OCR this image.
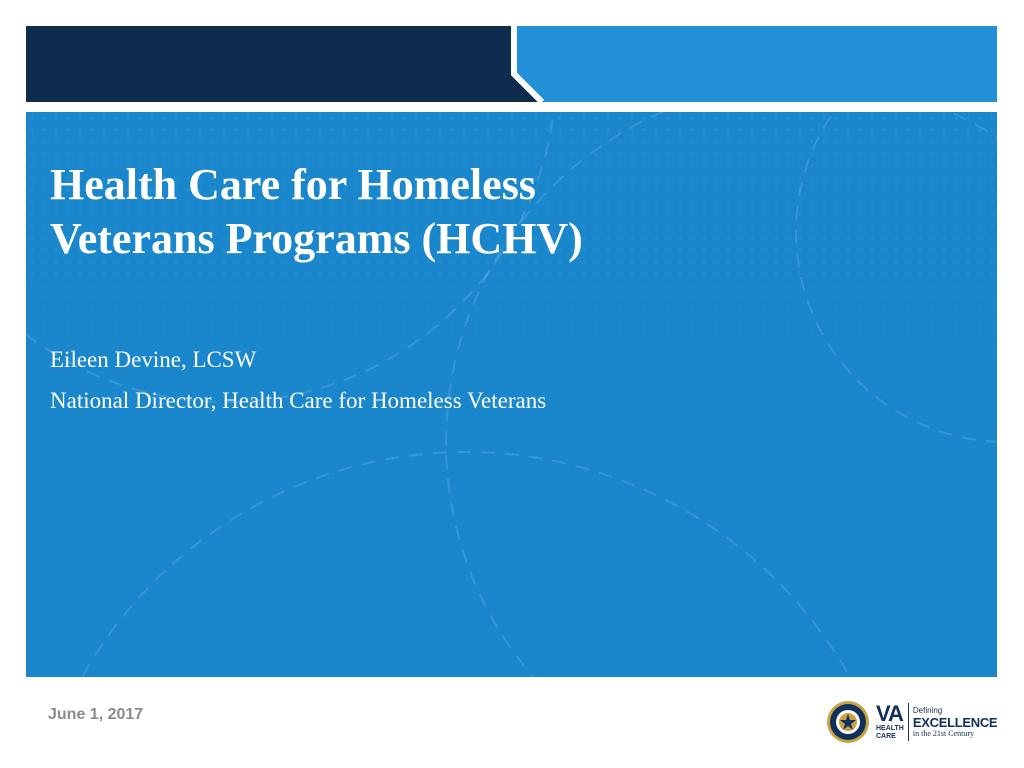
Health Care for Homeless
Veterans Programs (HCHV)
Eileen Devine, LCSW
National Director, Health Care for Homeless Veterans
June 1, 2017	VA
HEALTH
CARE
Defining
EXCELLENCE
in the 21st Century
